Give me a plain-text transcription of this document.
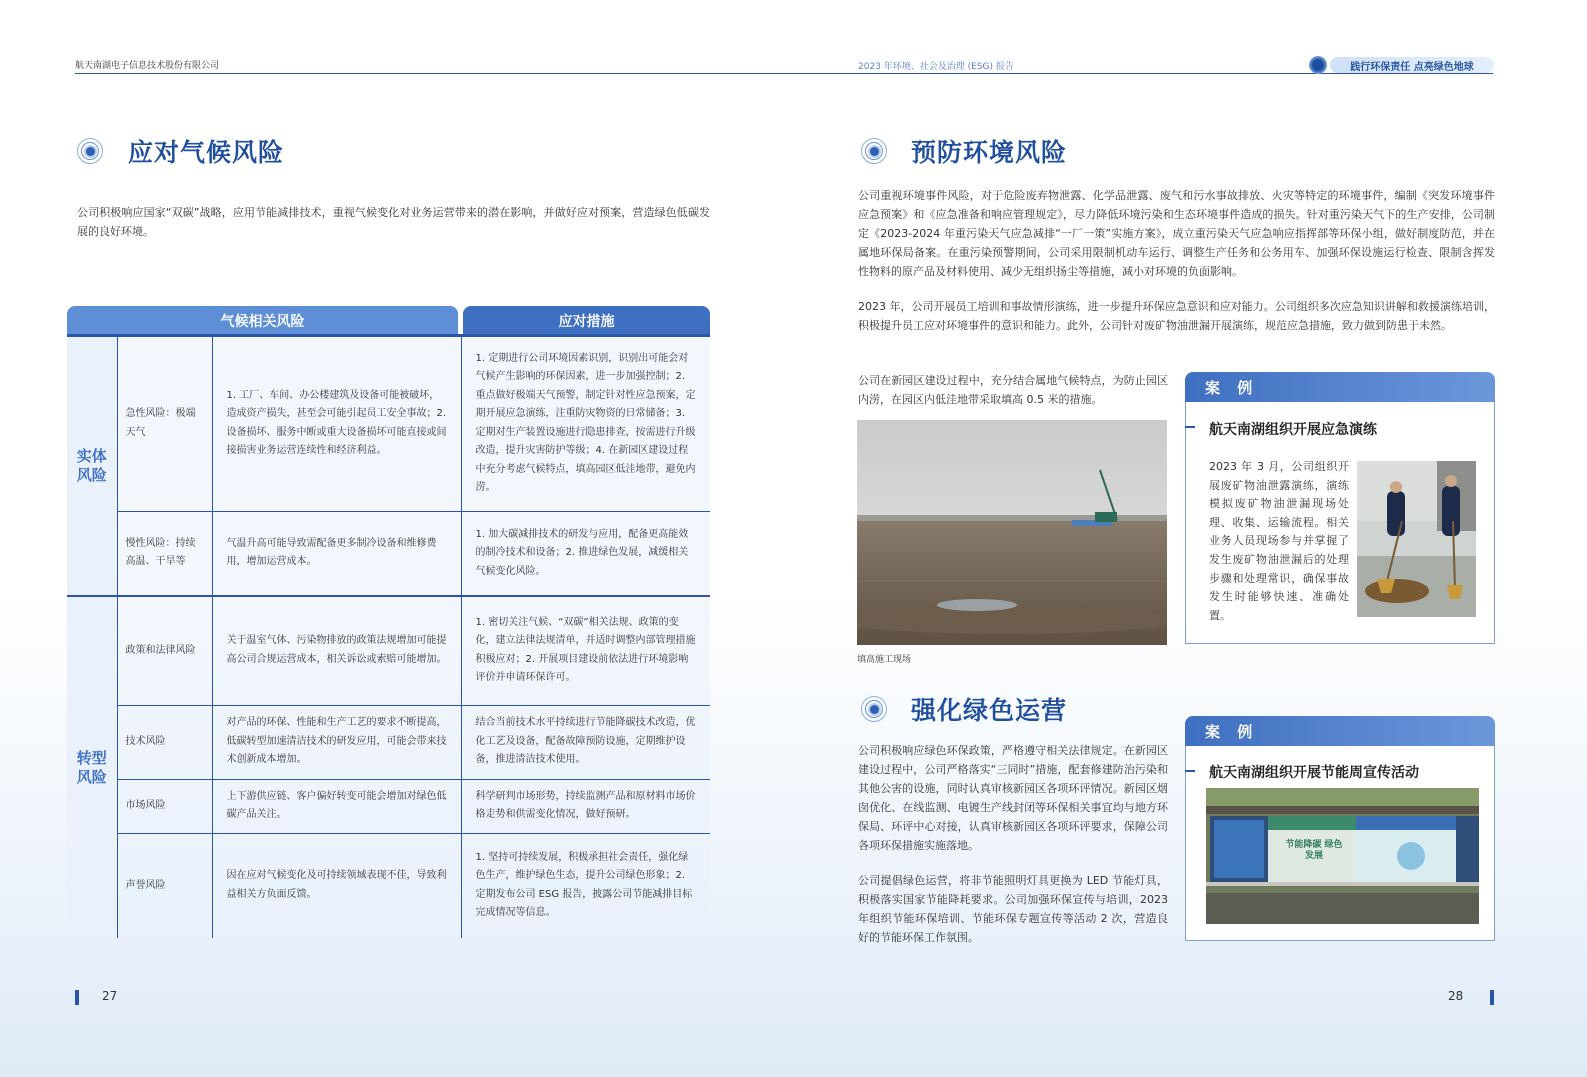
航天南湖电子信息技术股份有限公司	2023 年环境、社会及治理 (ESG) 报告	践行环保责任 点亮绿色地球
应对气候风险
公司积极响应国家“双碳”战略，应用节能减排技术，重视气候变化对业务运营带来的潜在影响，并做好应对预案，营造绿色低碳发展的良好环境。
气候相关风险	应对措施
实体风险	急性风险：极端天气	1. 工厂、车间、办公楼建筑及设备可能被破坏，造成资产损失，甚至会可能引起员工安全事故；2. 设备损坏、服务中断或重大设备损坏可能直接或间接损害业务运营连续性和经济利益。	1. 定期进行公司环境因素识别，识别出可能会对气候产生影响的环保因素，进一步加强控制；2. 重点做好极端天气预警，制定针对性应急预案，定期开展应急演练，注重防灾物资的日常储备；3. 定期对生产装置设施进行隐患排查，按需进行升级改造，提升灾害防护等级；4. 在新园区建设过程中充分考虑气候特点，填高园区低洼地带，避免内涝。
	慢性风险：持续高温、干旱等	气温升高可能导致需配备更多制冷设备和维修费用，增加运营成本。	1. 加大碳减排技术的研发与应用，配备更高能效的制冷技术和设备；2. 推进绿色发展，减缓相关气候变化风险。
转型风险	政策和法律风险	关于温室气体、污染物排放的政策法规增加可能提高公司合规运营成本，相关诉讼或索赔可能增加。	1. 密切关注气候、“双碳”相关法规、政策的变化，建立法律法规清单，并适时调整内部管理措施积极应对；2. 开展项目建设前依法进行环境影响评价并申请环保许可。
	技术风险	对产品的环保、性能和生产工艺的要求不断提高，低碳转型加速清洁技术的研发应用，可能会带来技术创新成本增加。	结合当前技术水平持续进行节能降碳技术改造，优化工艺及设备，配备故障预防设施，定期维护设备，推进清洁技术使用。
	市场风险	上下游供应链、客户偏好转变可能会增加对绿色低碳产品关注。	科学研判市场形势，持续监测产品和原材料市场价格走势和供需变化情况，做好预研。
	声誉风险	因在应对气候变化及可持续领域表现不佳，导致利益相关方负面反馈。	1. 坚持可持续发展，积极承担社会责任，强化绿色生产，维护绿色生态，提升公司绿色形象；2. 定期发布公司 ESG 报告，披露公司节能减排目标完成情况等信息。
预防环境风险
公司重视环境事件风险，对于危险废弃物泄露、化学品泄露、废气和污水事故排放、火灾等特定的环境事件，编制《突发环境事件应急预案》和《应急准备和响应管理规定》，尽力降低环境污染和生态环境事件造成的损失。针对重污染天气下的生产安排，公司制定《2023-2024 年重污染天气应急减排“一厂一策”实施方案》，成立重污染天气应急响应指挥部等环保小组，做好制度防范，并在属地环保局备案。在重污染预警期间，公司采用限制机动车运行、调整生产任务和公务用车、加强环保设施运行检查、限制含挥发性物料的原产品及材料使用、减少无组织扬尘等措施，减小对环境的负面影响。
2023 年，公司开展员工培训和事故情形演练，进一步提升环保应急意识和应对能力。公司组织多次应急知识讲解和救援演练培训，积极提升员工应对环境事件的意识和能力。此外，公司针对废矿物油泄漏开展演练，规范应急措施，致力做到防患于未然。
公司在新园区建设过程中，充分结合属地气候特点，为防止园区内涝，在园区内低洼地带采取填高 0.5 米的措施。
填高施工现场
案 例
航天南湖组织开展应急演练
2023 年 3 月，公司组织开展废矿物油泄露演练，演练模拟废矿物油泄漏现场处理、收集、运输流程。相关业务人员现场参与并掌握了发生废矿物油泄漏后的处理步骤和处理常识，确保事故发生时能够快速、准确处置。
强化绿色运营
公司积极响应绿色环保政策，严格遵守相关法律规定。在新园区建设过程中，公司严格落实“三同时”措施，配套修建防治污染和其他公害的设施，同时认真审核新园区各项环评情况。新园区烟囱优化、在线监测、电镀生产线封闭等环保相关事宜均与地方环保局、环评中心对接，认真审核新园区各项环评要求，保障公司各项环保措施实施落地。
公司提倡绿色运营，将非节能照明灯具更换为 LED 节能灯具，积极落实国家节能降耗要求。公司加强环保宣传与培训，2023 年组织节能环保培训、节能环保专题宣传等活动 2 次，营造良好的节能环保工作氛围。
案 例
航天南湖组织开展节能周宣传活动
节能降碳 绿色发展
27	28
